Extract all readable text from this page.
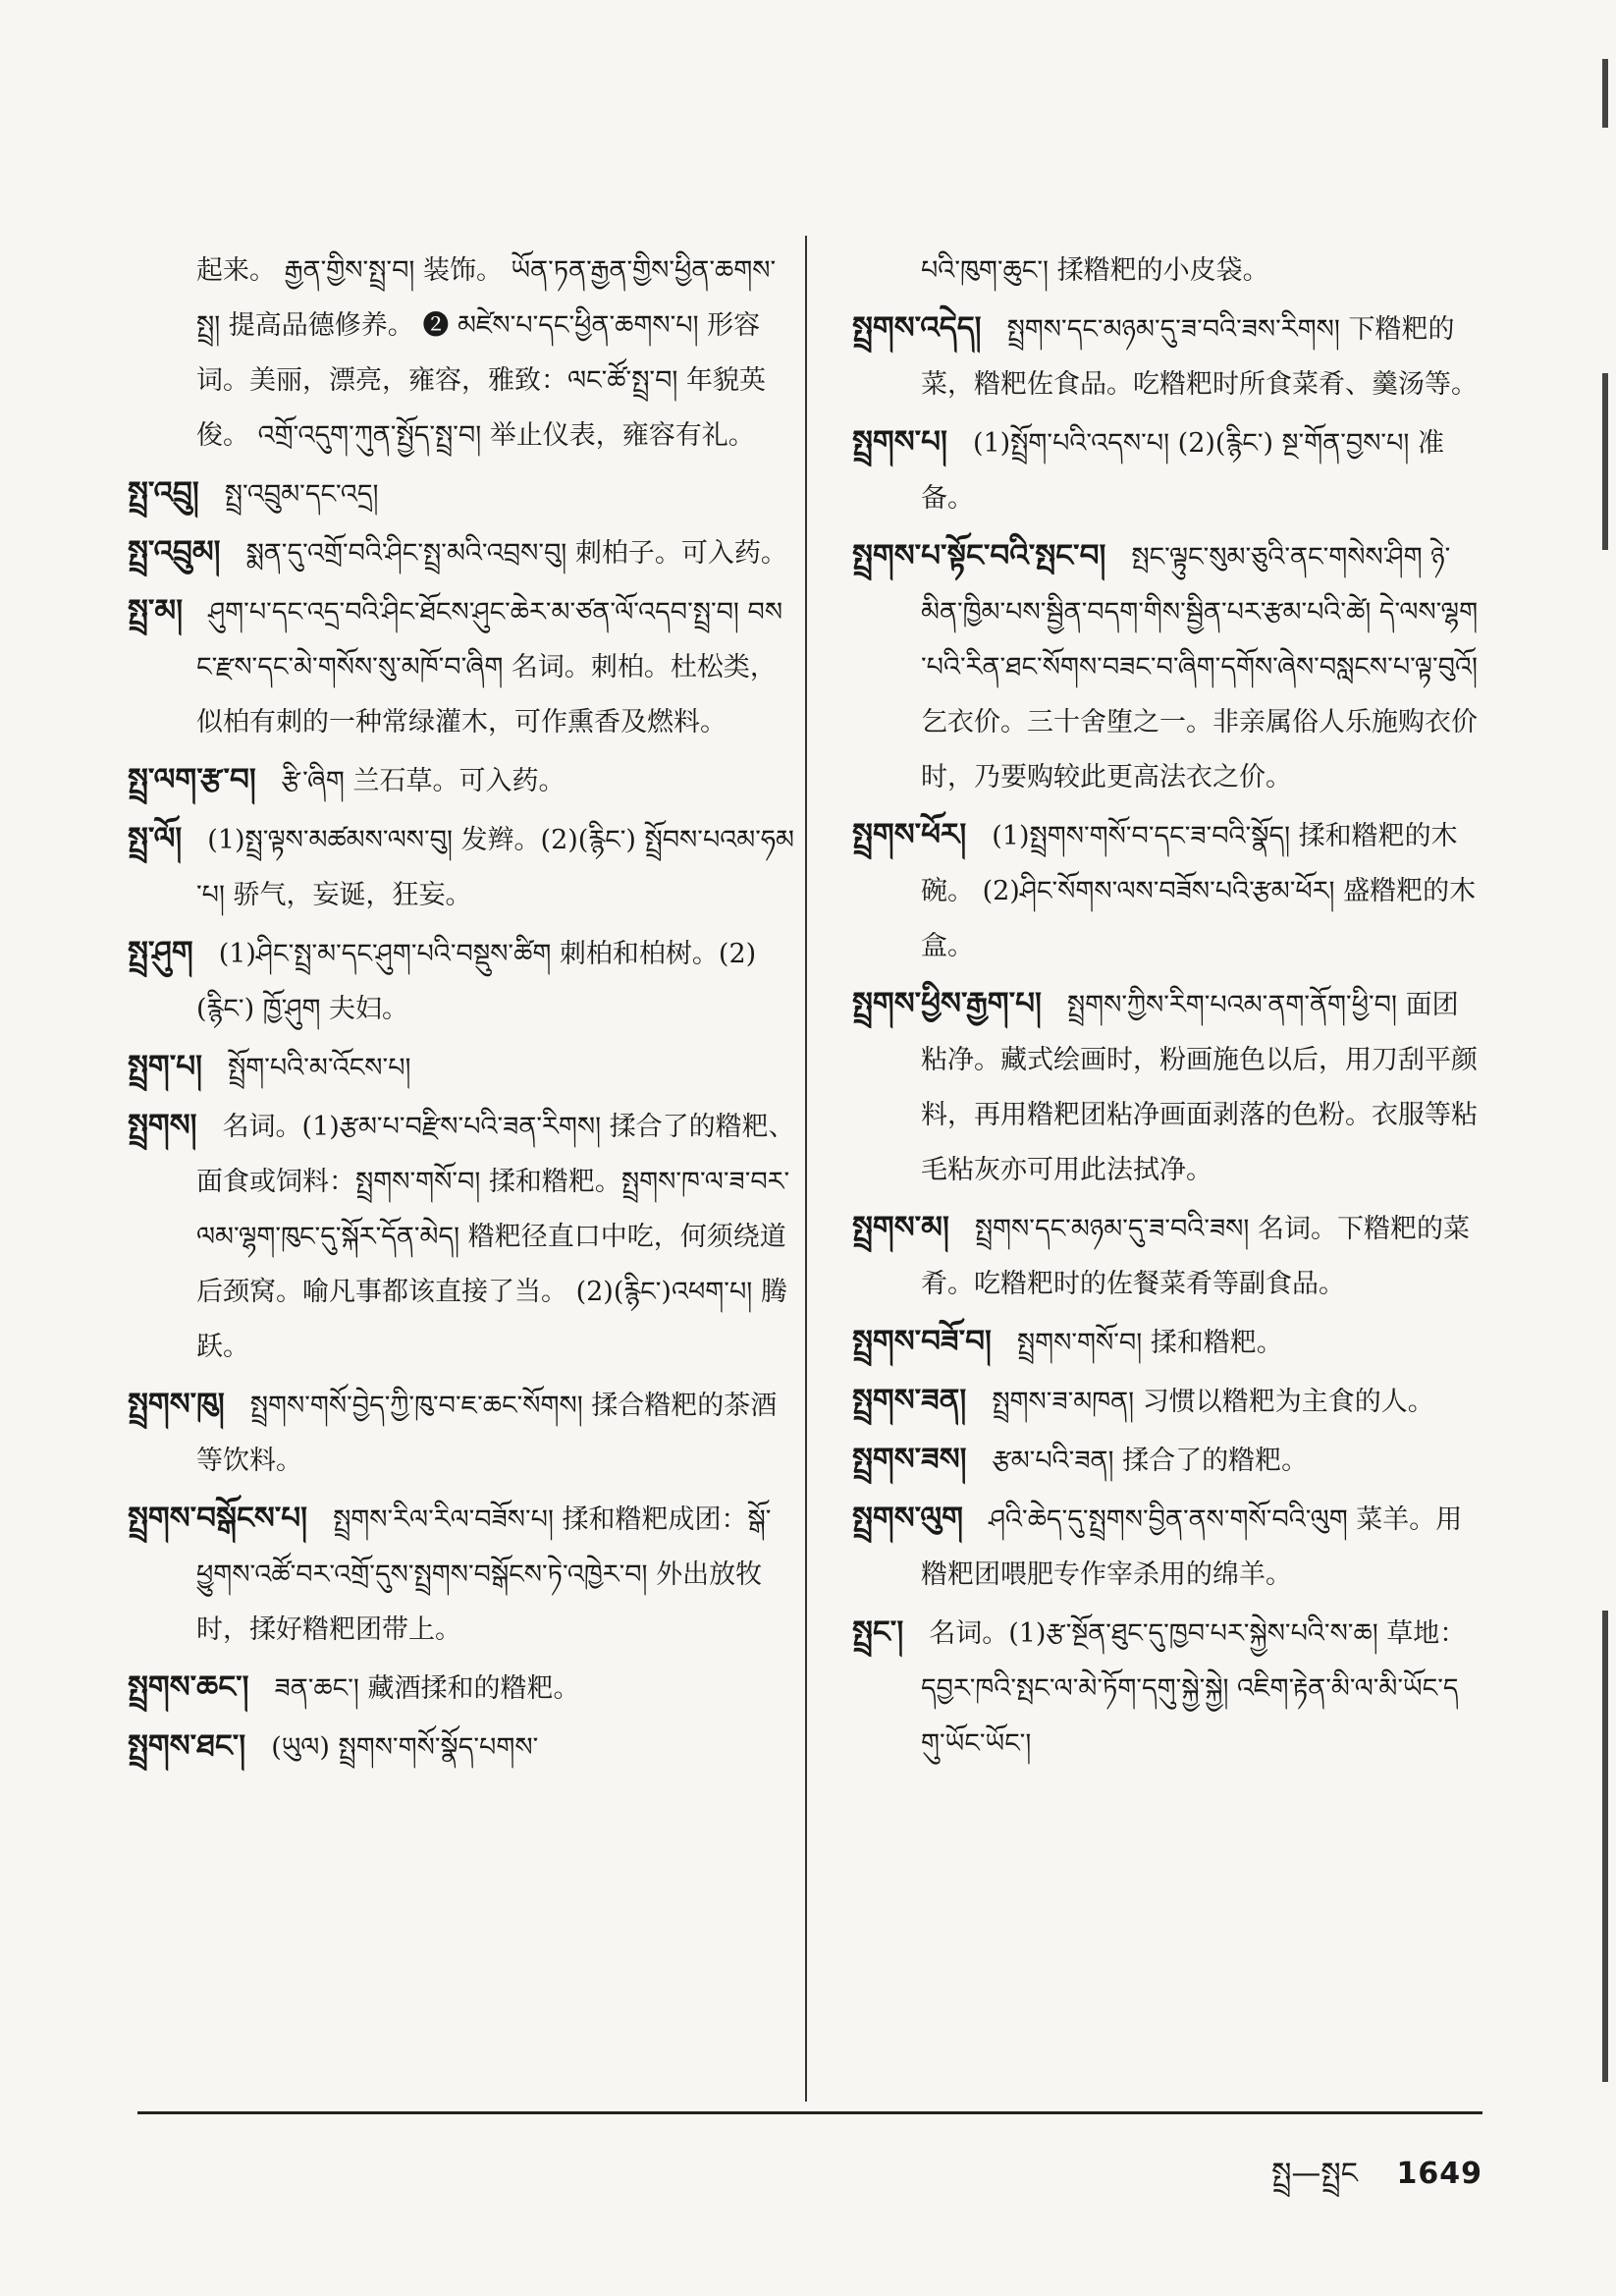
起来。 རྒྱན་གྱིས་སྤྲ་བ། 装饰。 ཡོན་ཏན་རྒྱན་གྱིས་ཕྱིན་ཆགས་སྤྲ། 提高品德修养。 ❷ མཛེས་པ་དང་ཕྱིན་ཆགས་པ། 形容词。美丽，漂亮，雍容，雅致：ལང་ཚོ་སྤྲ་བ། 年貌英俊。 འགྲོ་འདུག་ཀུན་སྤྱོད་སྤྲ་བ། 举止仪表，雍容有礼。
སྤྲ་འབྲུ། སྤྲ་འབྲུམ་དང་འདྲ།
སྤྲ་འབྲུམ། སྨན་དུ་འགྲོ་བའི་ཤིང་སྤྲ་མའི་འབྲས་བུ། 刺柏子。可入药。
སྤྲ་མ། ཤུག་པ་དང་འདྲ་བའི་ཤིང་ཐོངས་ཤུང་ཆེར་མ་ཙན་ལོ་འདབ་སྤྲ་བ། བསང་རྫས་དང་མེ་གསོས་སུ་མཁོ་བ་ཞིག 名词。刺柏。杜松类，似柏有刺的一种常绿灌木，可作熏香及燃料。
སྤྲ་ལག་རྩ་བ། རྩི་ཞིག 兰石草。可入药。
སྤྲ་ལོ། (1)སྤྲ་ལྟས་མཚམས་ལས་བུ། 发辫。(2)(རྙིང་) སྤྲོབས་པའམ་ཧམ་པ། 骄气，妄诞，狂妄。
སྤྲ་ཤུག (1)ཤིང་སྤྲ་མ་དང་ཤུག་པའི་བསྡུས་ཚིག 刺柏和柏树。(2)(རྙིང་) ཁྱོ་ཤུག 夫妇。
སྤྲག་པ། སྤྲོག་པའི་མ་འོངས་པ།
སྤྲགས། 名词。(1)རྩམ་པ་བརྫིས་པའི་ཟན་རིགས། 揉合了的糌粑、面食或饲料：སྤྲགས་གསོ་བ། 揉和糌粑。སྤྲགས་ཁ་ལ་ཟ་བར་ལམ་ལྷག་ཁུང་དུ་སྐོར་དོན་མེད། 糌粑径直口中吃，何须绕道后颈窝。喻凡事都该直接了当。 (2)(རྙིང་)འཕག་པ། 腾跃。
སྤྲགས་ཁུ། སྤྲགས་གསོ་བྱེད་ཀྱི་ཁུ་བ་ཇ་ཆང་སོགས། 揉合糌粑的茶酒等饮料。
སྤྲགས་བསྒོངས་པ། སྤྲགས་རིལ་རིལ་བཟོས་པ། 揉和糌粑成团：སྒོ་ཕྱུགས་འཚོ་བར་འགྲོ་དུས་སྤྲགས་བསྒོངས་ཏེ་འཁྱེར་བ། 外出放牧时，揉好糌粑团带上。
སྤྲགས་ཆང་། ཟན་ཆང་། 藏酒揉和的糌粑。
སྤྲགས་ཐང་། (ཡུལ) སྤྲགས་གསོ་སྣོད་པགས་
པའི་ཁུག་ཆུང་། 揉糌粑的小皮袋。
སྤྲགས་འདེད། སྤྲགས་དང་མཉམ་དུ་ཟ་བའི་ཟས་རིགས། 下糌粑的菜，糌粑佐食品。吃糌粑时所食菜肴、羹汤等。
སྤྲགས་པ། (1)སྤྲོག་པའི་འདས་པ། (2)(རྙིང་) སྔ་གོན་བྱས་པ། 准备。
སྤྲགས་པ་སྟོང་བའི་སྤང་བ། སྤང་ལྟུང་སུམ་ཅུའི་ནང་གསེས་ཤིག ཉེ་མིན་ཁྱིམ་པས་སྦྱིན་བདག་གིས་སྦྱིན་པར་རྩམ་པའི་ཚེ། དེ་ལས་ལྷག་པའི་རིན་ཐང་སོགས་བཟང་བ་ཞིག་དགོས་ཞེས་བསླངས་པ་ལྟ་བུའོ། 乞衣价。三十舍堕之一。非亲属俗人乐施购衣价时，乃要购较此更高法衣之价。
སྤྲགས་ཕོར། (1)སྤྲགས་གསོ་བ་དང་ཟ་བའི་སྣོད། 揉和糌粑的木碗。 (2)ཤིང་སོགས་ལས་བཟོས་པའི་རྩམ་ཕོར། 盛糌粑的木盒。
སྤྲགས་ཕྱིས་རྒྱག་པ། སྤྲགས་ཀྱིས་རིག་པའམ་ནག་ནོག་ཕྱི་བ། 面团粘净。藏式绘画时，粉画施色以后，用刀刮平颜料，再用糌粑团粘净画面剥落的色粉。衣服等粘毛粘灰亦可用此法拭净。
སྤྲགས་མ། སྤྲགས་དང་མཉམ་དུ་ཟ་བའི་ཟས། 名词。下糌粑的菜肴。吃糌粑时的佐餐菜肴等副食品。
སྤྲགས་བཟོ་བ། སྤྲགས་གསོ་བ། 揉和糌粑。
སྤྲགས་ཟན། སྤྲགས་ཟ་མཁན། 习惯以糌粑为主食的人。
སྤྲགས་ཟས། རྩམ་པའི་ཟན། 揉合了的糌粑。
སྤྲགས་ལུག ཤའི་ཆེད་དུ་སྤྲགས་བྱིན་ནས་གསོ་བའི་ལུག 菜羊。用糌粑团喂肥专作宰杀用的绵羊。
སྤྲང་། 名词。(1)རྩ་སྔོན་ཐུང་དུ་ཁྱབ་པར་སྐྱེས་པའི་ས་ཆ། 草地：དབྱར་ཁའི་སྤང་ལ་མེ་ཏོག་དགུ་སྐྱེ་སྐྱེ། འཇིག་རྟེན་མི་ལ་མི་ཡོང་དགུ་ཡོང་ཡོང་།
སྤྲ—སྤྲང 1649
